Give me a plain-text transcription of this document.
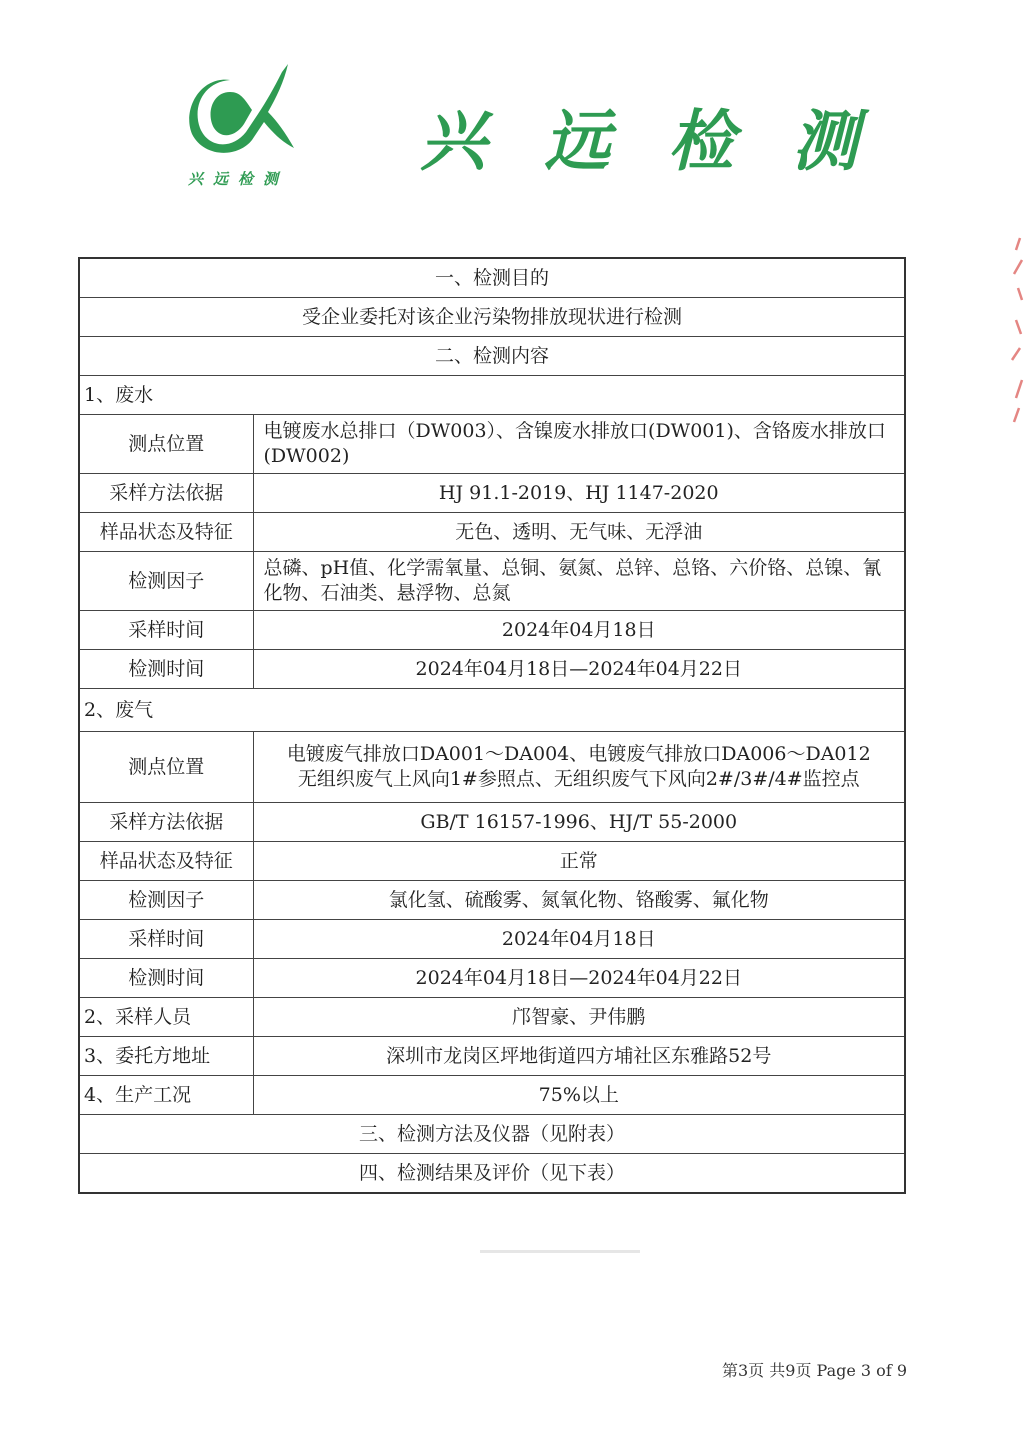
兴远检测 兴远检测
一、检测目的	
受企业委托对该企业污染物排放现状进行检测	
二、检测内容	
1、废水	
测点位置	电镀废水总排口（DW003）、含镍废水排放口(DW001)、含铬废水排放口(DW002)
采样方法依据	HJ 91.1-2019、HJ 1147-2020
样品状态及特征	无色、透明、无气味、无浮油
检测因子	总磷、pH值、化学需氧量、总铜、氨氮、总锌、总铬、六价铬、总镍、氰化物、石油类、悬浮物、总氮
采样时间	2024年04月18日
检测时间	2024年04月18日—2024年04月22日
2、废气	
测点位置	电镀废气排放口DA001～DA004、电镀废气排放口DA006～DA012
无组织废气上风向1#参照点、无组织废气下风向2#/3#/4#监控点

采样方法依据	GB/T 16157-1996、HJ/T 55-2000
样品状态及特征	正常
检测因子	氯化氢、硫酸雾、氮氧化物、铬酸雾、氟化物
采样时间	2024年04月18日
检测时间	2024年04月18日—2024年04月22日
2、采样人员	邝智豪、尹伟鹏
3、委托方地址	深圳市龙岗区坪地街道四方埔社区东雅路52号
4、生产工况	75%以上
三、检测方法及仪器（见附表）	
四、检测结果及评价（见下表）	
第3页 共9页 Page 3 of 9
